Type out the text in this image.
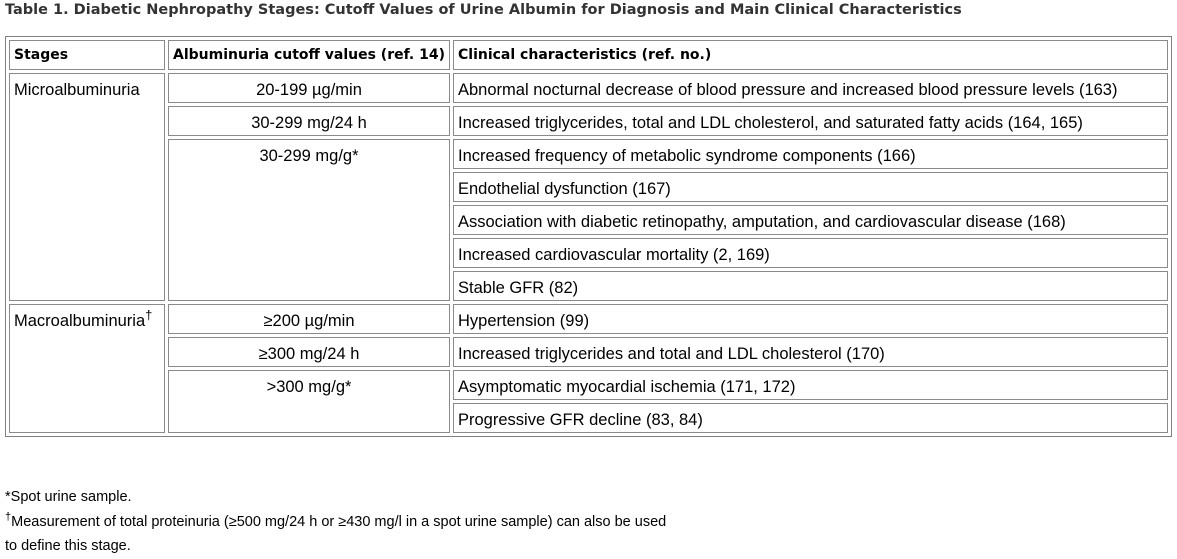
Table 1. Diabetic Nephropathy Stages: Cutoff Values of Urine Albumin for Diagnosis and Main Clinical Characteristics
Stages	Albuminuria cutoff values (ref. 14)	Clinical characteristics (ref. no.)
Microalbuminuria	20-199 µg/min	Abnormal nocturnal decrease of blood pressure and increased blood pressure levels (163)
	30-299 mg/24 h	Increased triglycerides, total and LDL cholesterol, and saturated fatty acids (164, 165)
	30-299 mg/g*	Increased frequency of metabolic syndrome components (166)
		Endothelial dysfunction (167)
		Association with diabetic retinopathy, amputation, and cardiovascular disease (168)
		Increased cardiovascular mortality (2, 169)
		Stable GFR (82)
Macroalbuminuria†	≥200 µg/min	Hypertension (99)
	≥300 mg/24 h	Increased triglycerides and total and LDL cholesterol (170)
	>300 mg/g*	Asymptomatic myocardial ischemia (171, 172)
		Progressive GFR decline (83, 84)
*Spot urine sample.
†Measurement of total proteinuria (≥500 mg/24 h or ≥430 mg/l in a spot urine sample) can also be used
to define this stage.
